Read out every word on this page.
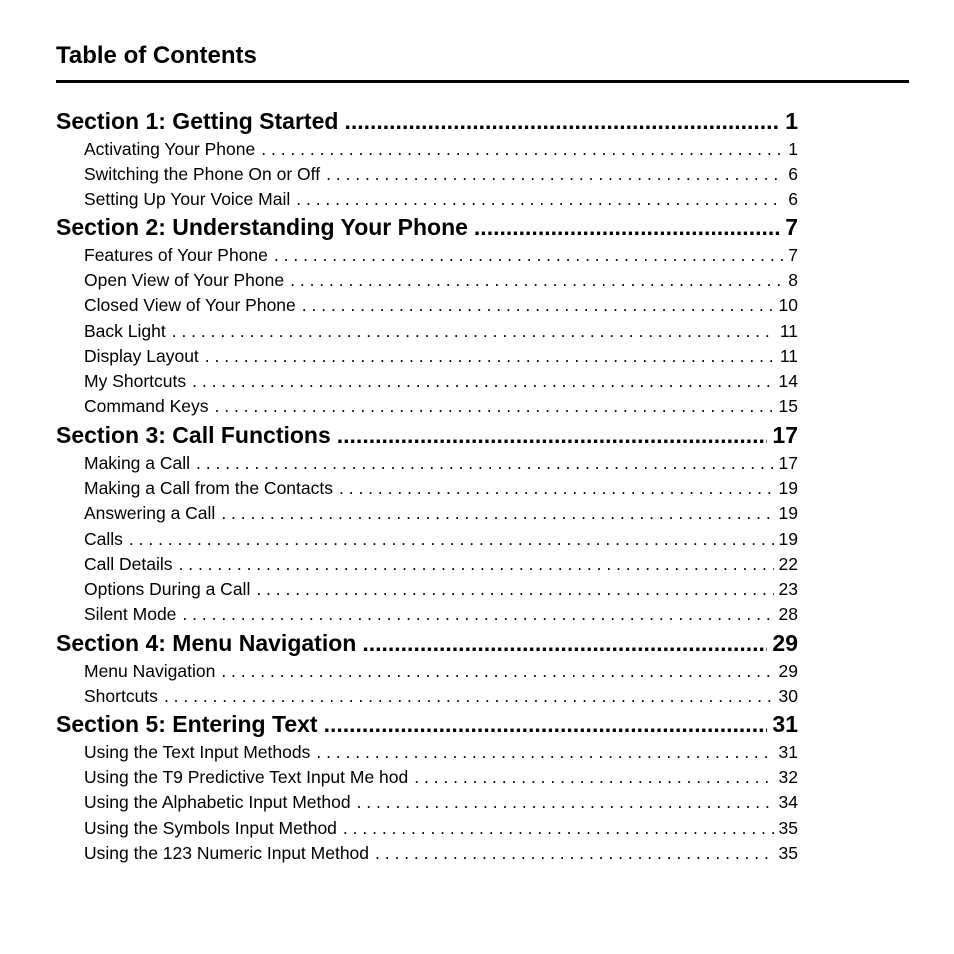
Table of Contents
Section 1: Getting Started .....	1
Activating Your Phone . . .	1
Switching the Phone On or Off . . .	6
Setting Up Your Voice Mail . . .	6
Section 2: Understanding Your Phone .....	7
Features of Your Phone . . .	7
Open View of Your Phone . . .	8
Closed View of Your Phone . . .	10
Back Light . . .	11
Display Layout . . .	11
My Shortcuts . . .	14
Command Keys . . .	15
Section 3: Call Functions .....	17
Making a Call . . .	17
Making a Call from the Contacts . . .	19
Answering a Call . . .	19
Calls . . .	19
Call Details . . .	22
Options During a Call . . .	23
Silent Mode . . .	28
Section 4: Menu Navigation .....	29
Menu Navigation . . .	29
Shortcuts . . .	30
Section 5: Entering Text .....	31
Using the Text Input Methods . . .	31
Using the T9 Predictive Text Input Me hod . . .	32
Using the Alphabetic Input Method . . .	34
Using the Symbols Input Method . . .	35
Using the 123 Numeric Input Method . . .	35
